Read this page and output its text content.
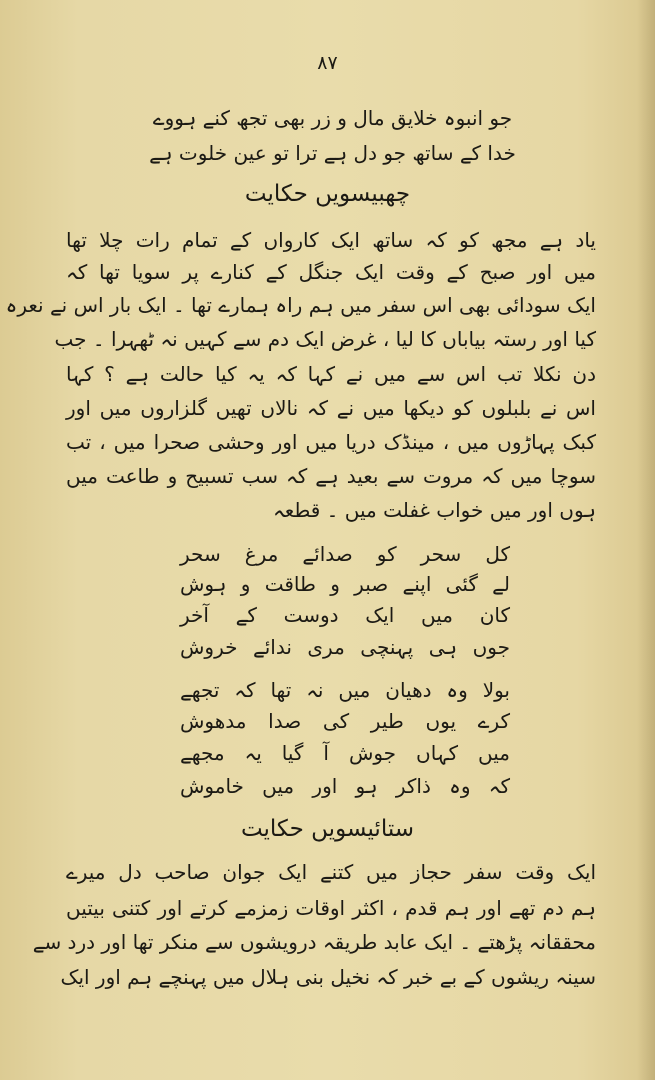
۸۷
جو انبوہ خلایق مال و زر بھی تجھ کنے ہووے
خدا کے ساتھ جو دل ہے ترا تو عین خلوت ہے
چھبیسویں حکایت
یاد ہے مجھ کو کہ ساتھ ایک کارواں کے تمام رات چلا تھا
میں اور صبح کے وقت ایک جنگل کے کنارے پر سویا تھا کہ
ایک سودائی بھی اس سفر میں ہم راہ ہمارے تھا ۔ ایک بار اس نے نعرہ
کیا اور رستہ بیاباں کا لیا ، غرض ایک دم سے کہیں نہ ٹھہرا ۔ جب
دن نکلا تب اس سے میں نے کہا کہ یہ کیا حالت ہے ؟ کہا
اس نے بلبلوں کو دیکھا میں نے کہ نالاں تھیں گلزاروں میں اور
کبک پہاڑوں میں ، مینڈک دریا میں اور وحشی صحرا میں ، تب
سوچا میں کہ مروت سے بعید ہے کہ سب تسبیح و طاعت میں
ہوں اور میں خواب غفلت میں ۔ قطعہ
کل سحر کو صدائے مرغ سحر
لے گئی اپنے صبر و طاقت و ہوش
کان میں ایک دوست کے آخر
جوں ہی پہنچی مری ندائے خروش
بولا وہ دھیان میں نہ تھا کہ تجھے
کرے یوں طیر کی صدا مدھوش
میں کہاں جوش آ گیا یہ مجھے
کہ وہ ذاکر ہو اور میں خاموش
ستائیسویں حکایت
ایک وقت سفر حجاز میں کتنے ایک جوان صاحب دل میرے
ہم دم تھے اور ہم قدم ، اکثر اوقات زمزمے کرتے اور کتنی بیتیں
محققانہ پڑھتے ۔ ایک عابد طریقہ درویشوں سے منکر تھا اور درد سے
سینہ ریشوں کے بے خبر کہ نخیل بنی ہلال میں پہنچے ہم اور ایک
